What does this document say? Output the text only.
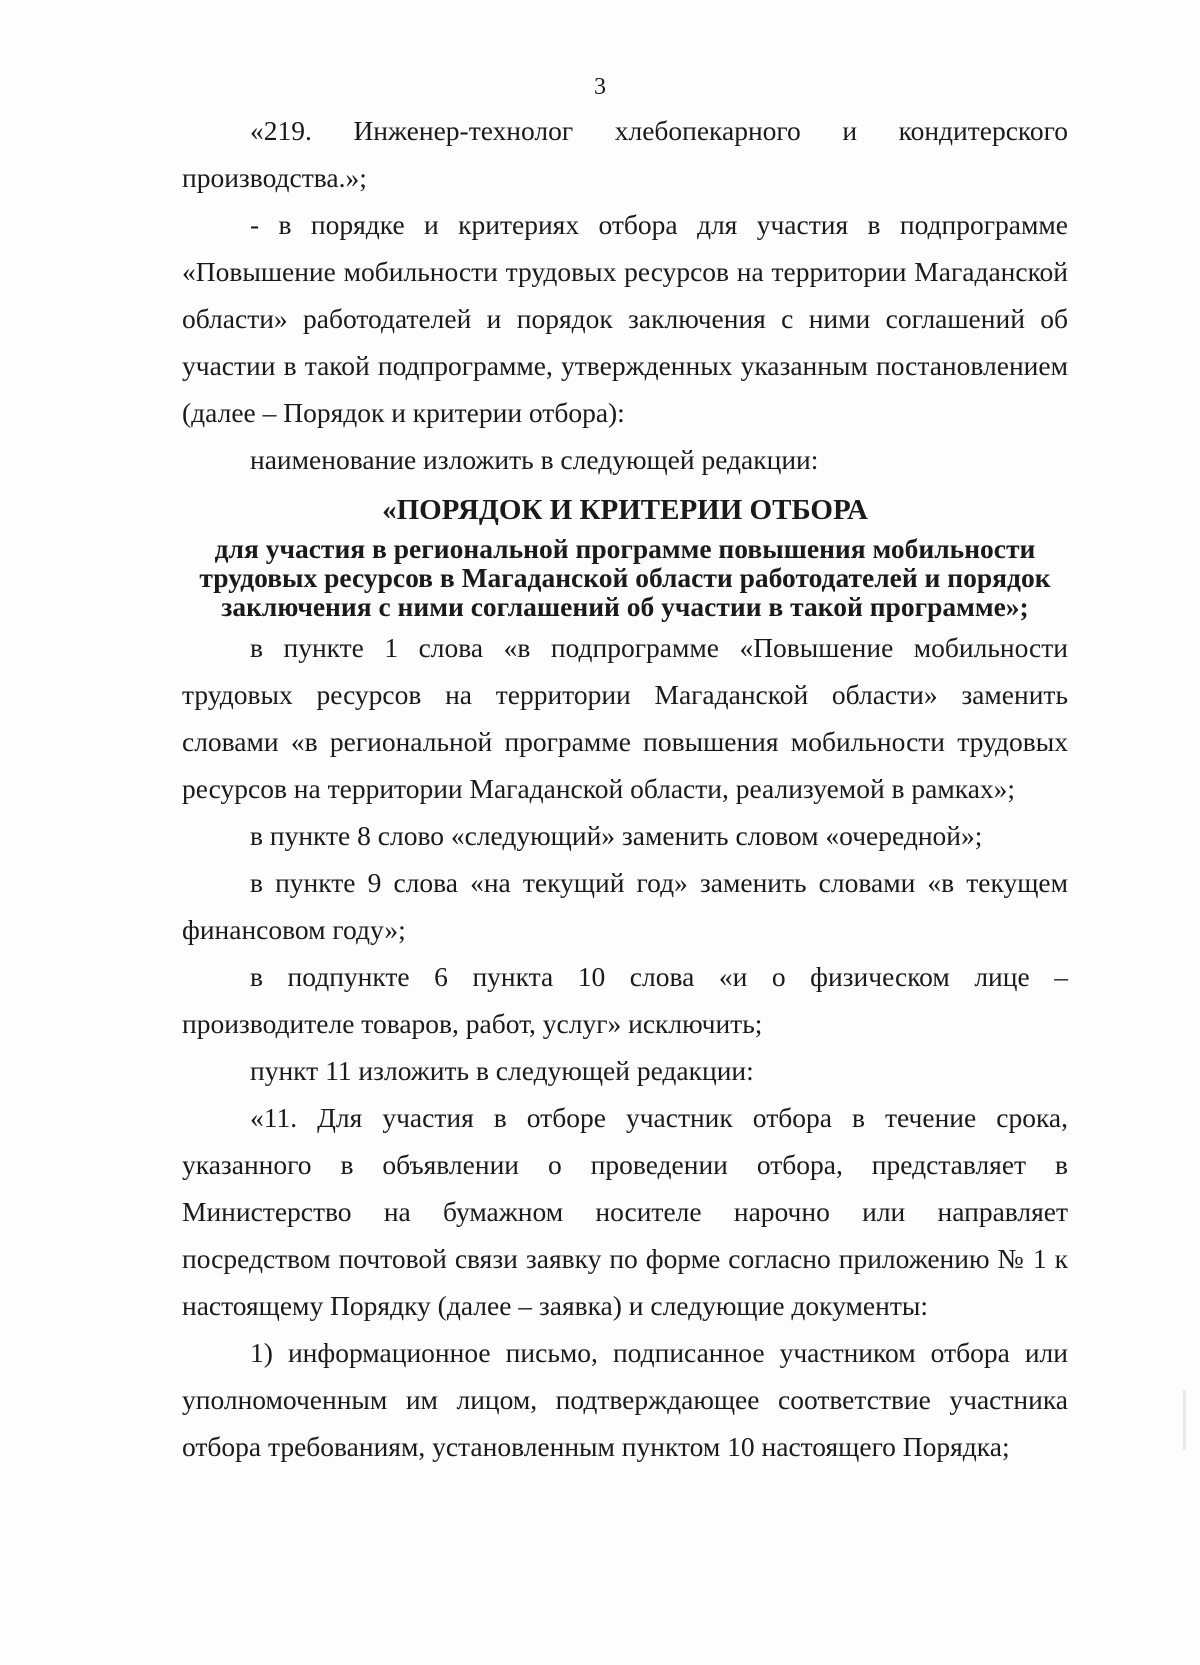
3

«219. Инженер-технолог хлебопекарного и кондитерского

производства.»;

- в порядке и критериях отбора для участия в подпрограмме «Повышение мобильности трудовых ресурсов на территории Магаданской области» работодателей и порядок заключения с ними соглашений об участии в такой подпрограмме, утвержденных указанным постановлением (далее – Порядок и критерии отбора):

наименование изложить в следующей редакции:

«ПОРЯДОК И КРИТЕРИИ ОТБОРА
для участия в региональной программе повышения мобильности трудовых ресурсов в Магаданской области работодателей и порядок заключения с ними соглашений об участии в такой программе»;

в пункте 1 слова «в подпрограмме «Повышение мобильности трудовых ресурсов на территории Магаданской области» заменить словами «в региональной программе повышения мобильности трудовых ресурсов на территории Магаданской области, реализуемой в рамках»;

в пункте 8 слово «следующий» заменить словом «очередной»;

в пункте 9 слова «на текущий год» заменить словами «в текущем финансовом году»;

в подпункте 6 пункта 10 слова «и о физическом лице – производителе товаров, работ, услуг» исключить;

пункт 11 изложить в следующей редакции:

«11. Для участия в отборе участник отбора в течение срока, указанного в объявлении о проведении отбора, представляет в Министерство на бумажном носителе нарочно или направляет посредством почтовой связи заявку по форме согласно приложению № 1 к настоящему Порядку (далее – заявка) и следующие документы:

1) информационное письмо, подписанное участником отбора или уполномоченным им лицом, подтверждающее соответствие участника отбора требованиям, установленным пунктом 10 настоящего Порядка;
